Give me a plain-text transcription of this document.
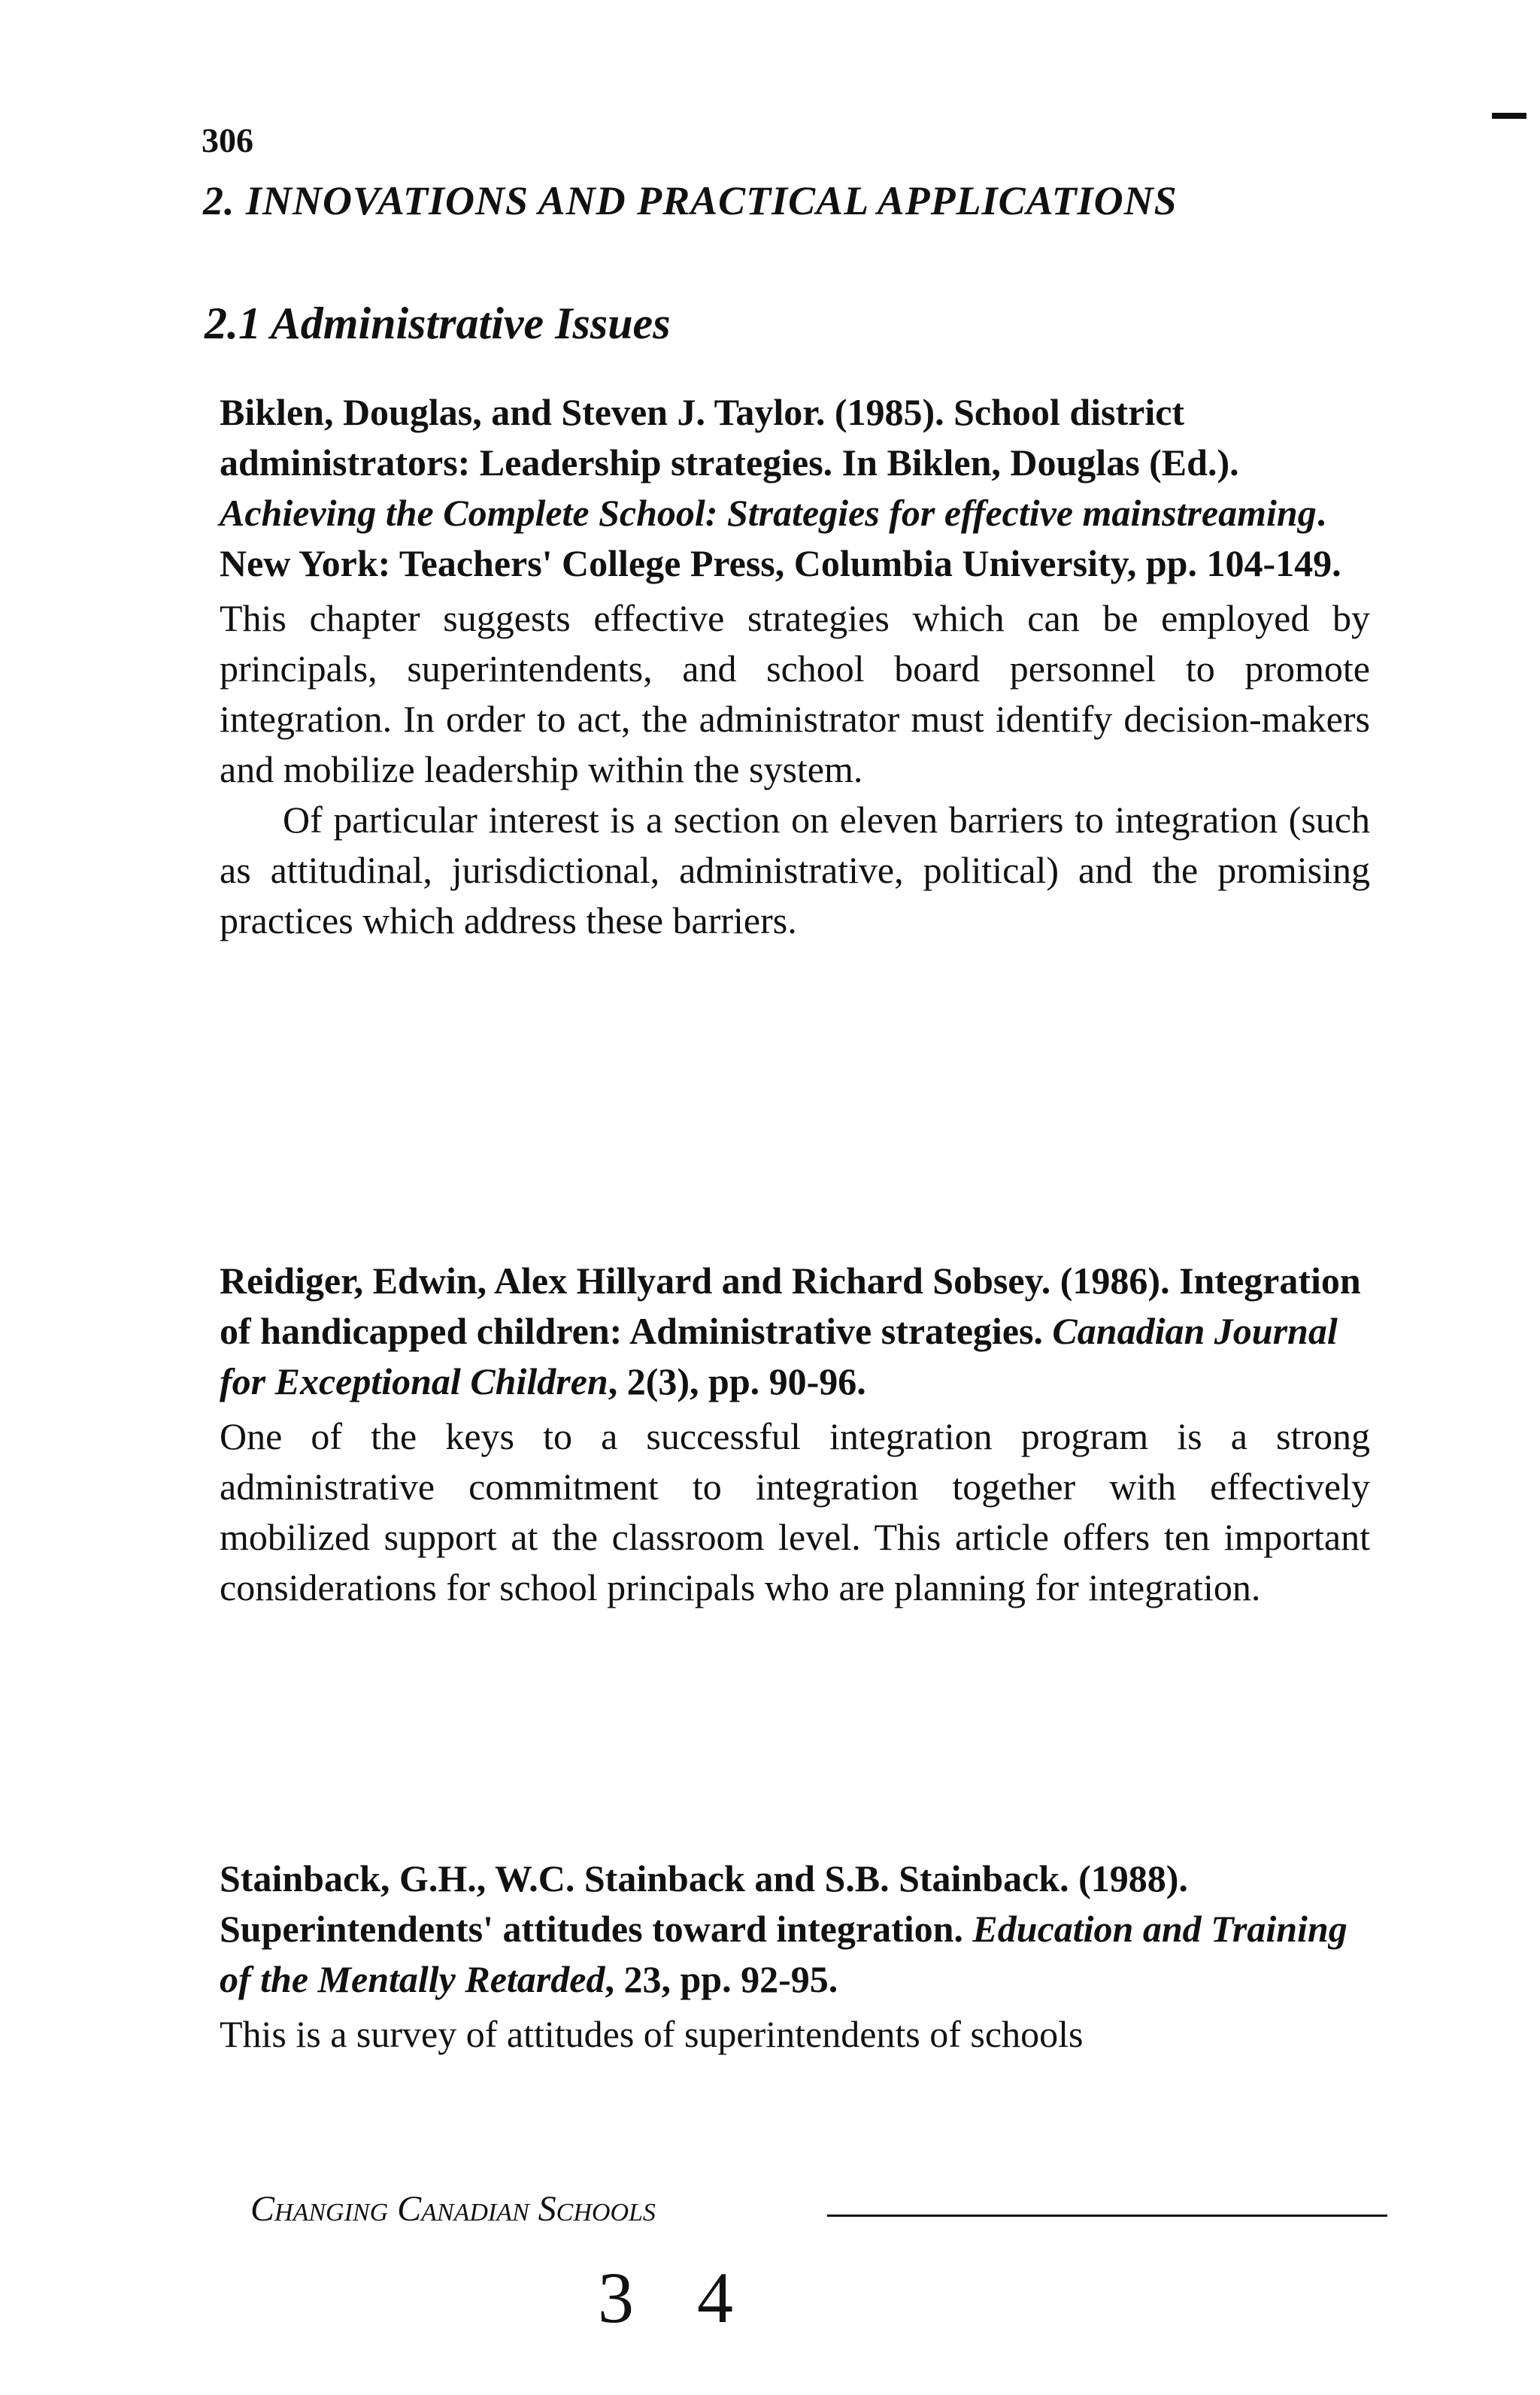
306
2. INNOVATIONS AND PRACTICAL APPLICATIONS
2.1 Administrative Issues

Biklen, Douglas, and Steven J. Taylor. (1985). School district administrators: Leadership strategies. In Biklen, Douglas (Ed.). Achieving the Complete School: Strategies for effective mainstreaming. New York: Teachers' College Press, Columbia University, pp. 104-149.

This chapter suggests effective strategies which can be employed by principals, superintendents, and school board personnel to promote integration. In order to act, the administrator must identify decision-makers and mobilize leadership within the system.

Of particular interest is a section on eleven barriers to integration (such as attitudinal, jurisdictional, administrative, political) and the promising practices which address these barriers.

Reidiger, Edwin, Alex Hillyard and Richard Sobsey. (1986). Integration of handicapped children: Administrative strategies. Canadian Journal for Exceptional Children, 2(3), pp. 90-96.

One of the keys to a successful integration program is a strong administrative commitment to integration together with effectively mobilized support at the classroom level. This article offers ten important considerations for school principals who are planning for integration.

Stainback, G.H., W.C. Stainback and S.B. Stainback. (1988). Superintendents' attitudes toward integration. Education and Training of the Mentally Retarded, 23, pp. 92-95.

This is a survey of attitudes of superintendents of schools

Changing Canadian Schools
3 4
